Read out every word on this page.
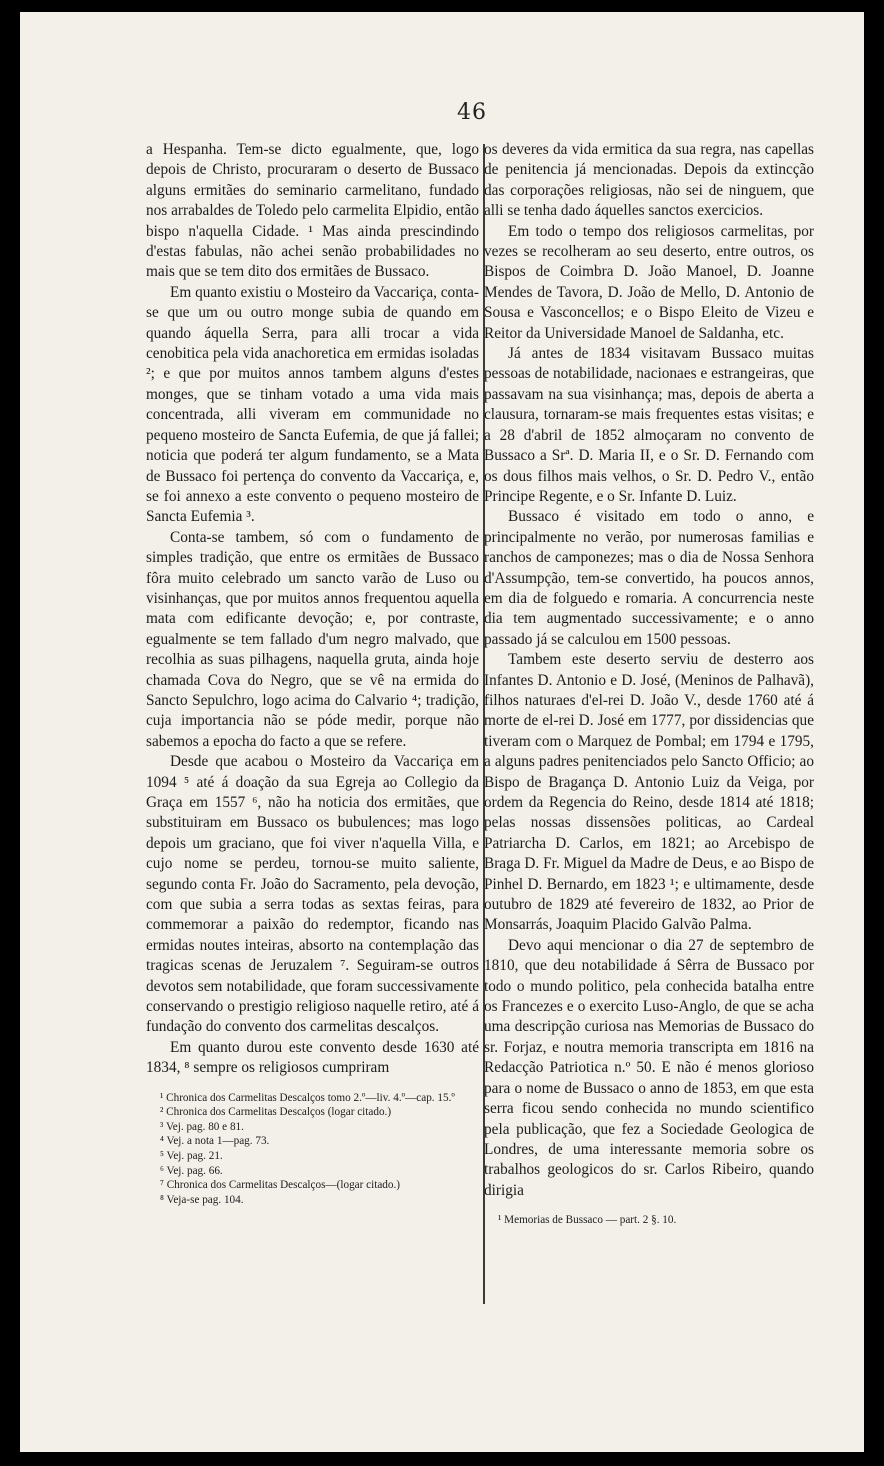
46

a Hespanha. Tem-se dicto egualmente, que, logo depois de Christo, procuraram o deserto de Bussaco alguns ermitães do seminario carmelitano, fundado nos arrabaldes de Toledo pelo carmelita Elpidio, então bispo n'aquella Cidade. ¹ Mas ainda prescindindo d'estas fabulas, não achei senão probabilidades no mais que se tem dito dos ermitães de Bussaco.

Em quanto existiu o Mosteiro da Vaccariça, conta-se que um ou outro monge subia de quando em quando áquella Serra, para alli trocar a vida cenobitica pela vida anachoretica em ermidas isoladas ²; e que por muitos annos tambem alguns d'estes monges, que se tinham votado a uma vida mais concentrada, alli viveram em communidade no pequeno mosteiro de Sancta Eufemia, de que já fallei; noticia que poderá ter algum fundamento, se a Mata de Bussaco foi pertença do convento da Vaccariça, e, se foi annexo a este convento o pequeno mosteiro de Sancta Eufemia ³.

Conta-se tambem, só com o fundamento de simples tradição, que entre os ermitães de Bussaco fôra muito celebrado um sancto varão de Luso ou visinhanças, que por muitos annos frequentou aquella mata com edificante devoção; e, por contraste, egualmente se tem fallado d'um negro malvado, que recolhia as suas pilhagens, naquella gruta, ainda hoje chamada Cova do Negro, que se vê na ermida do Sancto Sepulchro, logo acima do Calvario ⁴; tradição, cuja importancia não se póde medir, porque não sabemos a epocha do facto a que se refere.

Desde que acabou o Mosteiro da Vaccariça em 1094 ⁵ até á doação da sua Egreja ao Collegio da Graça em 1557 ⁶, não ha noticia dos ermitães, que substituiram em Bussaco os bubulences; mas logo depois um graciano, que foi viver n'aquella Villa, e cujo nome se perdeu, tornou-se muito saliente, segundo conta Fr. João do Sacramento, pela devoção, com que subia a serra todas as sextas feiras, para commemorar a paixão do redemptor, ficando nas ermidas noutes inteiras, absorto na contemplação das tragicas scenas de Jeruzalem ⁷. Seguiram-se outros devotos sem notabilidade, que foram successivamente conservando o prestigio religioso naquelle retiro, até á fundação do convento dos carmelitas descalços.

Em quanto durou este convento desde 1630 até 1834, ⁸ sempre os religiosos cumpriram

¹ Chronica dos Carmelitas Descalços tomo 2.º—liv. 4.º—cap. 15.º
² Chronica dos Carmelitas Descalços (logar citado.)
³ Vej. pag. 80 e 81.
⁴ Vej. a nota 1—pag. 73.
⁵ Vej. pag. 21.
⁶ Vej. pag. 66.
⁷ Chronica dos Carmelitas Descalços—(logar citado.)
⁸ Veja-se pag. 104.

os deveres da vida ermitica da sua regra, nas capellas de penitencia já mencionadas. Depois da extincção das corporações religiosas, não sei de ninguem, que alli se tenha dado áquelles sanctos exercicios.

Em todo o tempo dos religiosos carmelitas, por vezes se recolheram ao seu deserto, entre outros, os Bispos de Coimbra D. João Manoel, D. Joanne Mendes de Tavora, D. João de Mello, D. Antonio de Sousa e Vasconcellos; e o Bispo Eleito de Vizeu e Reitor da Universidade Manoel de Saldanha, etc.

Já antes de 1834 visitavam Bussaco muitas pessoas de notabilidade, nacionaes e estrangeiras, que passavam na sua visinhança; mas, depois de aberta a clausura, tornaram-se mais frequentes estas visitas; e a 28 d'abril de 1852 almoçaram no convento de Bussaco a Srª. D. Maria II, e o Sr. D. Fernando com os dous filhos mais velhos, o Sr. D. Pedro V., então Principe Regente, e o Sr. Infante D. Luiz.

Bussaco é visitado em todo o anno, e principalmente no verão, por numerosas familias e ranchos de camponezes; mas o dia de Nossa Senhora d'Assumpção, tem-se convertido, ha poucos annos, em dia de folguedo e romaria. A concurrencia neste dia tem augmentado successivamente; e o anno passado já se calculou em 1500 pessoas.

Tambem este deserto serviu de desterro aos Infantes D. Antonio e D. José, (Meninos de Palhavã), filhos naturaes d'el-rei D. João V., desde 1760 até á morte de el-rei D. José em 1777, por dissidencias que tiveram com o Marquez de Pombal; em 1794 e 1795, a alguns padres penitenciados pelo Sancto Officio; ao Bispo de Bragança D. Antonio Luiz da Veiga, por ordem da Regencia do Reino, desde 1814 até 1818; pelas nossas dissensões politicas, ao Cardeal Patriarcha D. Carlos, em 1821; ao Arcebispo de Braga D. Fr. Miguel da Madre de Deus, e ao Bispo de Pinhel D. Bernardo, em 1823 ¹; e ultimamente, desde outubro de 1829 até fevereiro de 1832, ao Prior de Monsarrás, Joaquim Placido Galvão Palma.

Devo aqui mencionar o dia 27 de septembro de 1810, que deu notabilidade á Sêrra de Bussaco por todo o mundo politico, pela conhecida batalha entre os Francezes e o exercito Luso-Anglo, de que se acha uma descripção curiosa nas Memorias de Bussaco do sr. Forjaz, e noutra memoria transcripta em 1816 na Redacção Patriotica n.º 50. E não é menos glorioso para o nome de Bussaco o anno de 1853, em que esta serra ficou sendo conhecida no mundo scientifico pela publicação, que fez a Sociedade Geologica de Londres, de uma interessante memoria sobre os trabalhos geologicos do sr. Carlos Ribeiro, quando dirigia

¹ Memorias de Bussaco — part. 2 §. 10.
